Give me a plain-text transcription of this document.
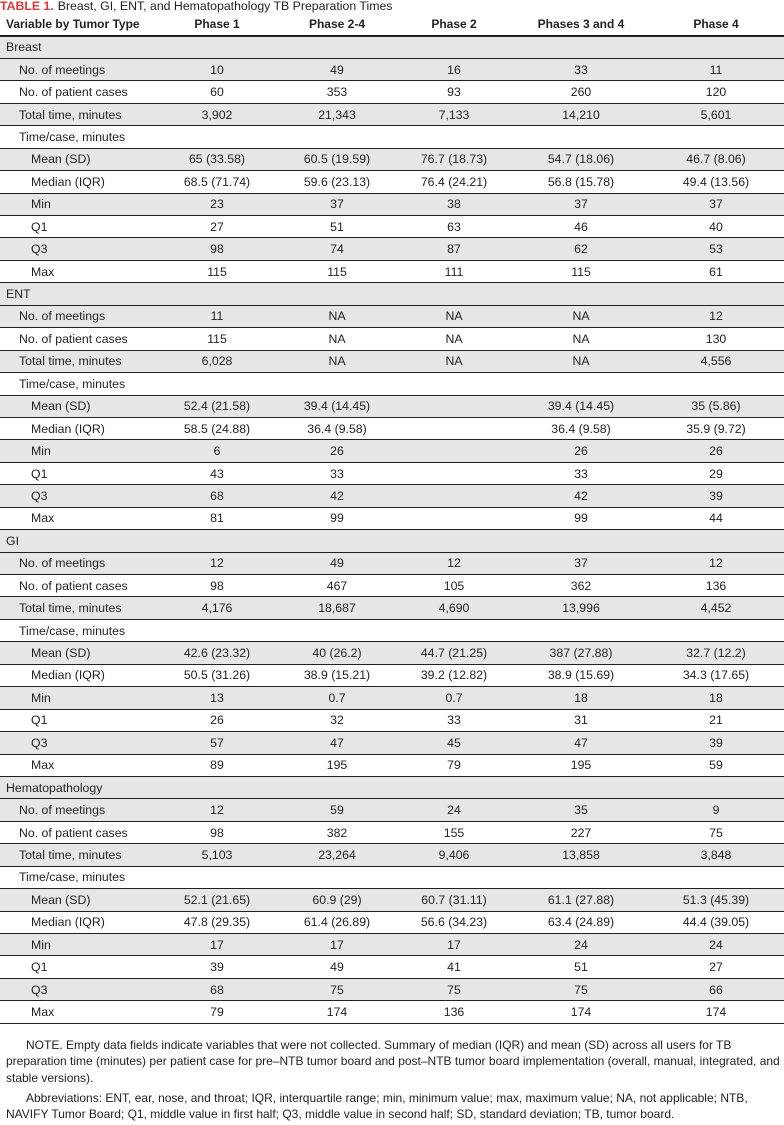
TABLE 1. Breast, GI, ENT, and Hematopathology TB Preparation Times
Variable by Tumor Type	Phase 1	Phase 2-4	Phase 2	Phases 3 and 4	Phase 4
Breast					
No. of meetings	10	49	16	33	11
No. of patient cases	60	353	93	260	120
Total time, minutes	3,902	21,343	7,133	14,210	5,601
Time/case, minutes					
Mean (SD)	65 (33.58)	60.5 (19.59)	76.7 (18.73)	54.7 (18.06)	46.7 (8.06)
Median (IQR)	68.5 (71.74)	59.6 (23.13)	76.4 (24.21)	56.8 (15.78)	49.4 (13.56)
Min	23	37	38	37	37
Q1	27	51	63	46	40
Q3	98	74	87	62	53
Max	115	115	111	115	61
ENT					
No. of meetings	11	NA	NA	NA	12
No. of patient cases	115	NA	NA	NA	130
Total time, minutes	6,028	NA	NA	NA	4,556
Time/case, minutes					
Mean (SD)	52.4 (21.58)	39.4 (14.45)		39.4 (14.45)	35 (5.86)
Median (IQR)	58.5 (24.88)	36.4 (9.58)		36.4 (9.58)	35.9 (9.72)
Min	6	26		26	26
Q1	43	33		33	29
Q3	68	42		42	39
Max	81	99		99	44
GI					
No. of meetings	12	49	12	37	12
No. of patient cases	98	467	105	362	136
Total time, minutes	4,176	18,687	4,690	13,996	4,452
Time/case, minutes					
Mean (SD)	42.6 (23.32)	40 (26.2)	44.7 (21.25)	387 (27.88)	32.7 (12.2)
Median (IQR)	50.5 (31.26)	38.9 (15.21)	39.2 (12.82)	38.9 (15.69)	34.3 (17.65)
Min	13	0.7	0.7	18	18
Q1	26	32	33	31	21
Q3	57	47	45	47	39
Max	89	195	79	195	59
Hematopathology					
No. of meetings	12	59	24	35	9
No. of patient cases	98	382	155	227	75
Total time, minutes	5,103	23,264	9,406	13,858	3,848
Time/case, minutes					
Mean (SD)	52.1 (21.65)	60.9 (29)	60.7 (31.11)	61.1 (27.88)	51.3 (45.39)
Median (IQR)	47.8 (29.35)	61.4 (26.89)	56.6 (34.23)	63.4 (24.89)	44.4 (39.05)
Min	17	17	17	24	24
Q1	39	49	41	51	27
Q3	68	75	75	75	66
Max	79	174	136	174	174

NOTE. Empty data fields indicate variables that were not collected. Summary of median (IQR) and mean (SD) across all users for TB preparation time (minutes) per patient case for pre–NTB tumor board and post–NTB tumor board implementation (overall, manual, integrated, and stable versions).

Abbreviations: ENT, ear, nose, and throat; IQR, interquartile range; min, minimum value; max, maximum value; NA, not applicable; NTB, NAVIFY Tumor Board; Q1, middle value in first half; Q3, middle value in second half; SD, standard deviation; TB, tumor board.
